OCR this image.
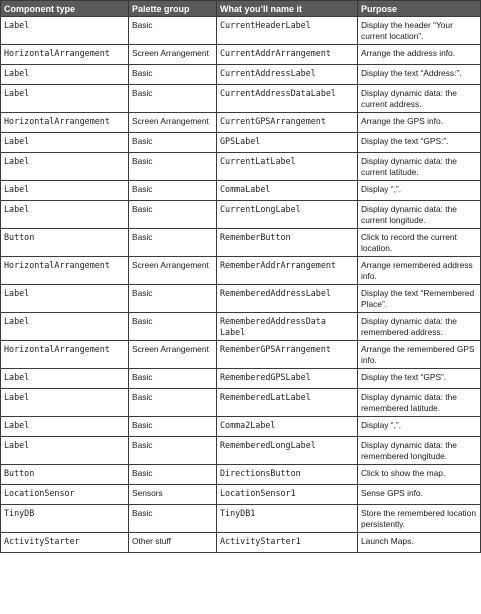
Component type	Palette group	What you’ll name it	Purpose
Label	Basic	CurrentHeaderLabel	Display the header “Your current location”.
HorizontalArrangement	Screen Arrangement	CurrentAddrArrangement	Arrange the address info.
Label	Basic	CurrentAddressLabel	Display the text “Address:”.
Label	Basic	CurrentAddressDataLabel	Display dynamic data: the current address.
HorizontalArrangement	Screen Arrangement	CurrentGPSArrangement	Arrange the GPS info.
Label	Basic	GPSLabel	Display the text “GPS:”.
Label	Basic	CurrentLatLabel	Display dynamic data: the current latitude.
Label	Basic	CommaLabel	Display “,”.
Label	Basic	CurrentLongLabel	Display dynamic data: the current longitude.
Button	Basic	RememberButton	Click to record the current location.
HorizontalArrangement	Screen Arrangement	RememberAddrArrangement	Arrange remembered address info.
Label	Basic	RememberedAddressLabel	Display the text “Remembered Place”.
Label	Basic	RememberedAddressData Label	Display dynamic data: the remembered address.
HorizontalArrangement	Screen Arrangement	RememberGPSArrangement	Arrange the remembered GPS info.
Label	Basic	RememberedGPSLabel	Display the text “GPS”.
Label	Basic	RememberedLatLabel	Display dynamic data: the remembered latitude.
Label	Basic	Comma2Label	Display “,”.
Label	Basic	RememberedLongLabel	Display dynamic data: the remembered longitude.
Button	Basic	DirectionsButton	Click to show the map.
LocationSensor	Sensors	LocationSensor1	Sense GPS info.
TinyDB	Basic	TinyDB1	Store the remembered location persistently.
ActivityStarter	Other stuff	ActivityStarter1	Launch Maps.
